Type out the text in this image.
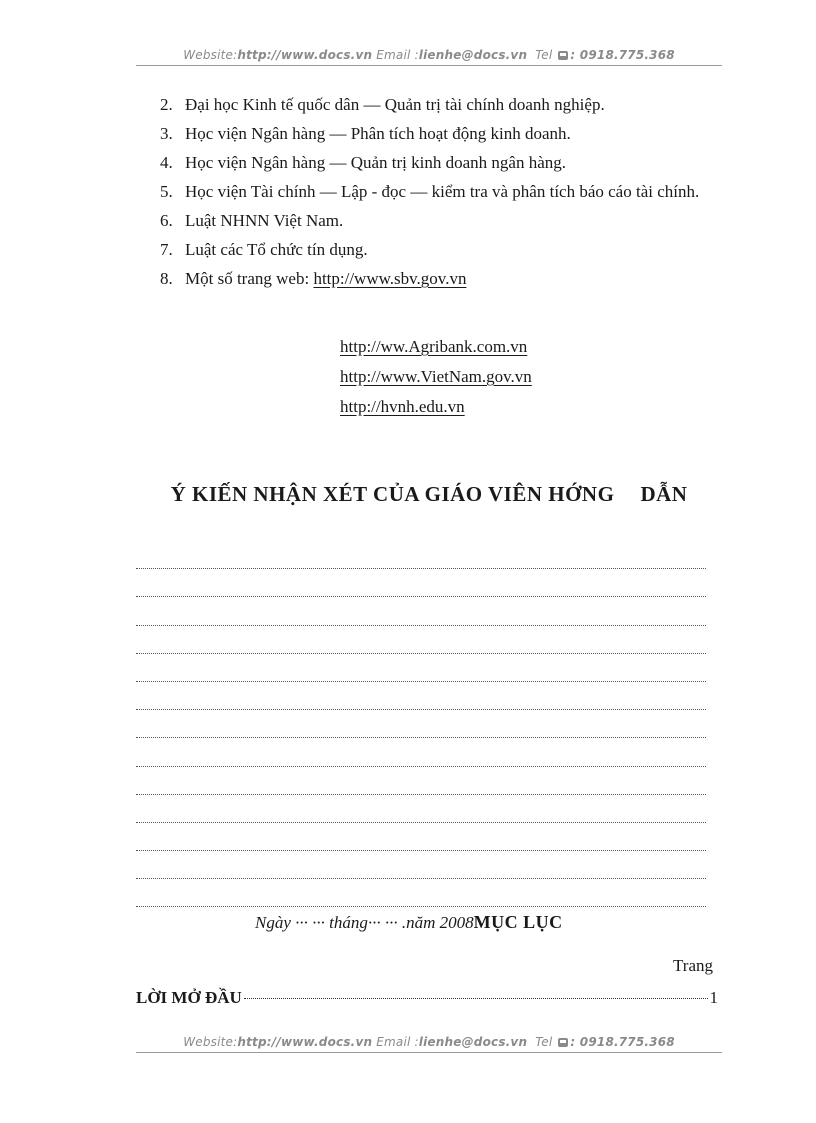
Website:http://www.docs.vn Email :lienhe@docs.vn Tel : 0918.775.368
2. Đại học Kinh tế quốc dân — Quản trị tài chính doanh nghiệp.
3. Học viện Ngân hàng — Phân tích hoạt động kinh doanh.
4. Học viện Ngân hàng — Quản trị kinh doanh ngân hàng.
5. Học viện Tài chính — Lập - đọc — kiểm tra và phân tích báo cáo tài chính.
6. Luật NHNN Việt Nam.
7. Luật các Tổ chức tín dụng.
8. Một số trang web: http://www.sbv.gov.vn
http://ww.Agribank.com.vn
http://www.VietNam.gov.vn
http://hvnh.edu.vn
Ý KIẾN NHẬN XÉT CỦA GIÁO VIÊN HỚNG DẪN
Ngày ··· ··· tháng··· ··· .năm 2008MỤC LỤC
Trang
LỜI MỞ ĐẦU	1
Website:http://www.docs.vn Email :lienhe@docs.vn Tel : 0918.775.368
